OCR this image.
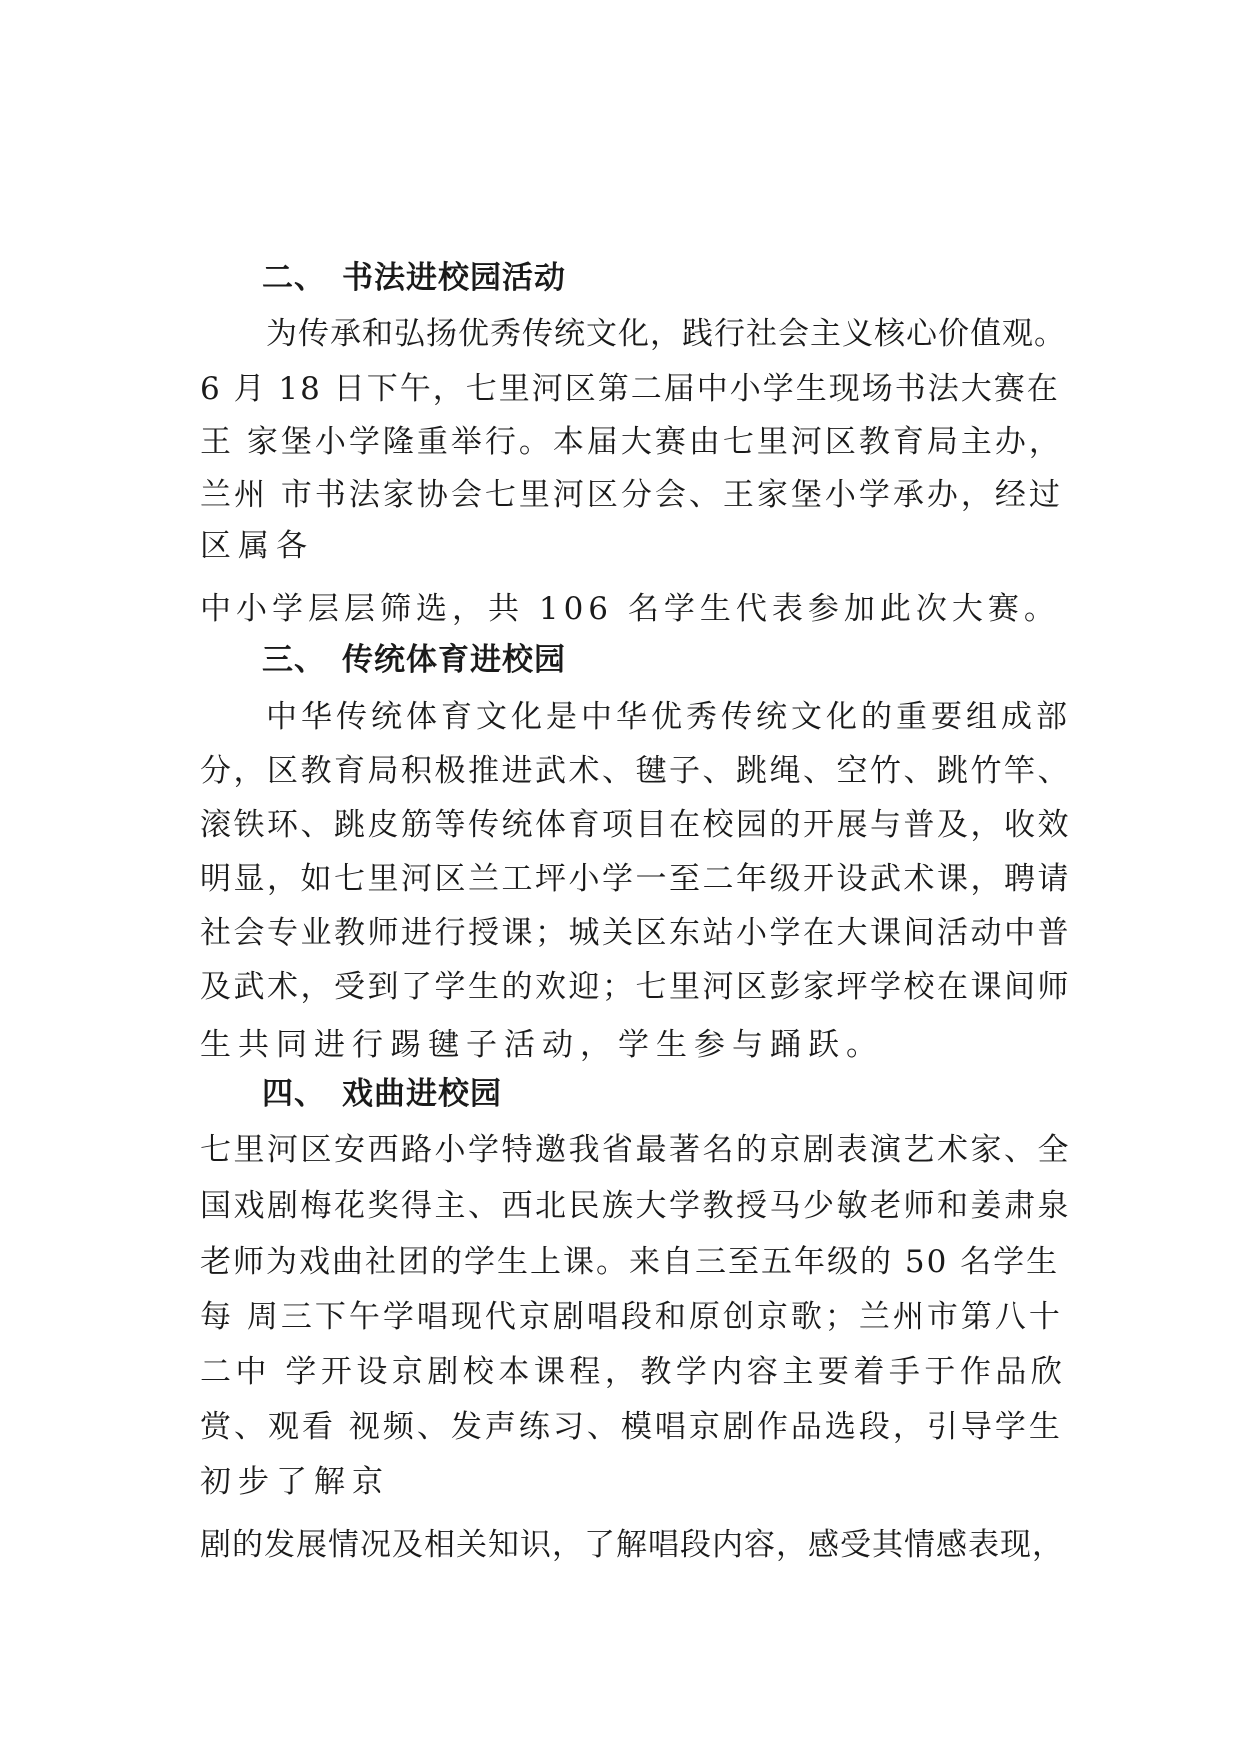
二、 书法进校园活动
为传承和弘扬优秀传统文化，践行社会主义核心价值观。
6 月 18 日下午，七里河区第二届中小学生现场书法大赛在
王 家堡小学隆重举行。本届大赛由七里河区教育局主办，
兰州 市书法家协会七里河区分会、王家堡小学承办，经过
区属各
中小学层层筛选，共 106 名学生代表参加此次大赛。
三、 传统体育进校园
中华传统体育文化是中华优秀传统文化的重要组成部
分，区教育局积极推进武术、毽子、跳绳、空竹、跳竹竿、
滚铁环、跳皮筋等传统体育项目在校园的开展与普及，收效
明显，如七里河区兰工坪小学一至二年级开设武术课，聘请
社会专业教师进行授课；城关区东站小学在大课间活动中普
及武术，受到了学生的欢迎；七里河区彭家坪学校在课间师
生共同进行踢毽子活动，学生参与踊跃。
四、 戏曲进校园
七里河区安西路小学特邀我省最著名的京剧表演艺术家、全
国戏剧梅花奖得主、西北民族大学教授马少敏老师和姜肃泉
老师为戏曲社团的学生上课。来自三至五年级的 50 名学生
每 周三下午学唱现代京剧唱段和原创京歌；兰州市第八十
二中 学开设京剧校本课程，教学内容主要着手于作品欣
赏、观看 视频、发声练习、模唱京剧作品选段，引导学生
初步了解京
剧的发展情况及相关知识，了解唱段内容，感受其情感表现，
